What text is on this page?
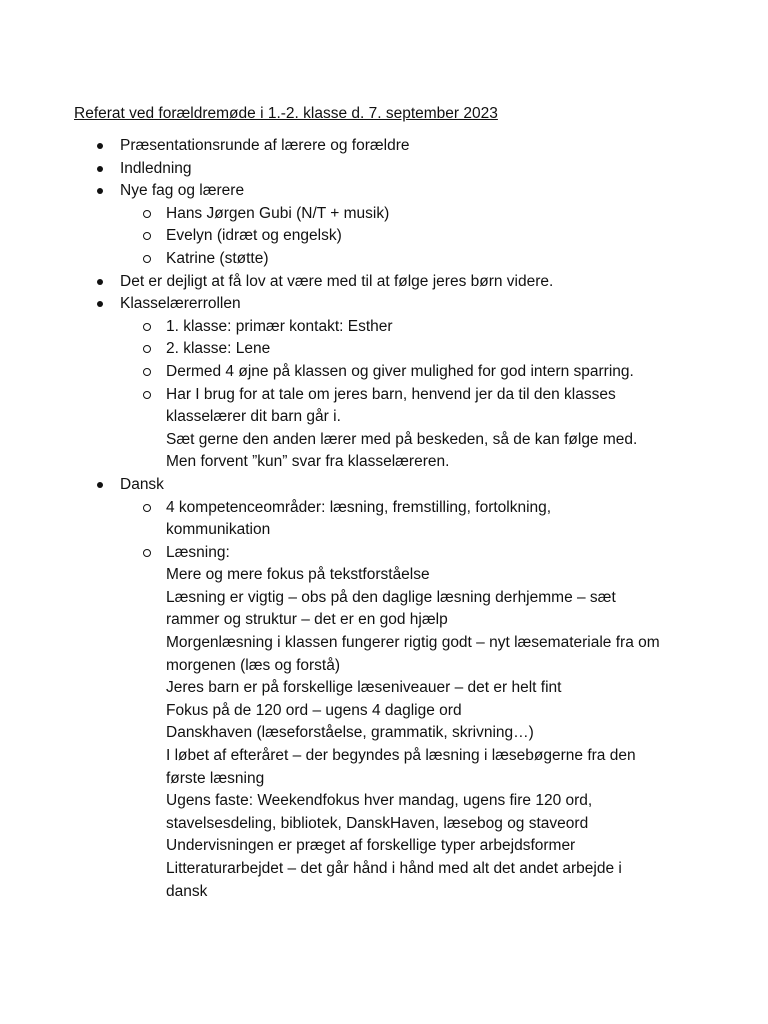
Referat ved forældremøde i 1.-2. klasse d. 7. september 2023
Præsentationsrunde af lærere og forældre
Indledning
Nye fag og lærere
Hans Jørgen Gubi (N/T + musik)
Evelyn (idræt og engelsk)
Katrine (støtte)
Det er dejligt at få lov at være med til at følge jeres børn videre.
Klasselærerrollen
1. klasse: primær kontakt: Esther
2. klasse: Lene
Dermed 4 øjne på klassen og giver mulighed for god intern sparring.
Har I brug for at tale om jeres barn, henvend jer da til den klasses
klasselærer dit barn går i.
Sæt gerne den anden lærer med på beskeden, så de kan følge med.
Men forvent ”kun” svar fra klasselæreren.
Dansk
4 kompetenceområder: læsning, fremstilling, fortolkning,
kommunikation
Læsning:
Mere og mere fokus på tekstforståelse
Læsning er vigtig – obs på den daglige læsning derhjemme – sæt
rammer og struktur – det er en god hjælp
Morgenlæsning i klassen fungerer rigtig godt – nyt læsemateriale fra om
morgenen (læs og forstå)
Jeres barn er på forskellige læseniveauer – det er helt fint
Fokus på de 120 ord – ugens 4 daglige ord
Danskhaven (læseforståelse, grammatik, skrivning…)
I løbet af efteråret – der begyndes på læsning i læsebøgerne fra den
første læsning
Ugens faste: Weekendfokus hver mandag, ugens fire 120 ord,
stavelsesdeling, bibliotek, DanskHaven, læsebog og staveord
Undervisningen er præget af forskellige typer arbejdsformer
Litteraturarbejdet – det går hånd i hånd med alt det andet arbejde i
dansk
